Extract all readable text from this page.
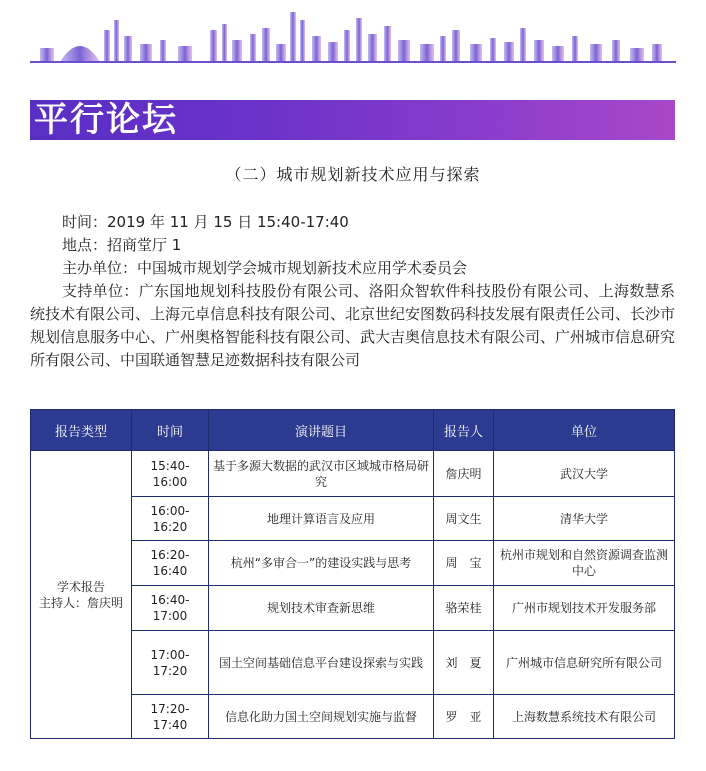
平行论坛
（二）城市规划新技术应用与探索
时间：2019 年 11 月 15 日 15:40-17:40
地点：招商堂厅 1
主办单位：中国城市规划学会城市规划新技术应用学术委员会
支持单位：广东国地规划科技股份有限公司、洛阳众智软件科技股份有限公司、上海数慧系统技术有限公司、上海元卓信息科技有限公司、北京世纪安图数码科技发展有限责任公司、长沙市规划信息服务中心、广州奥格智能科技有限公司、武大吉奥信息技术有限公司、广州城市信息研究所有限公司、中国联通智慧足迹数据科技有限公司
报告类型	时间	演讲题目	报告人	单位

学术报告
主持人：詹庆明	15:40-16:00	基于多源大数据的武汉市区域城市格局研究	詹庆明	武汉大学
	16:00-16:20	地理计算语言及应用	周文生	清华大学
	16:20-16:40	杭州“多审合一”的建设实践与思考	周　宝	杭州市规划和自然资源调查监测中心
	16:40-17:00	规划技术审查新思维	骆荣桂	广州市规划技术开发服务部
	17:00-17:20	国土空间基础信息平台建设探索与实践	刘　夏	广州城市信息研究所有限公司
	17:20-17:40	信息化助力国土空间规划实施与监督	罗　亚	上海数慧系统技术有限公司
